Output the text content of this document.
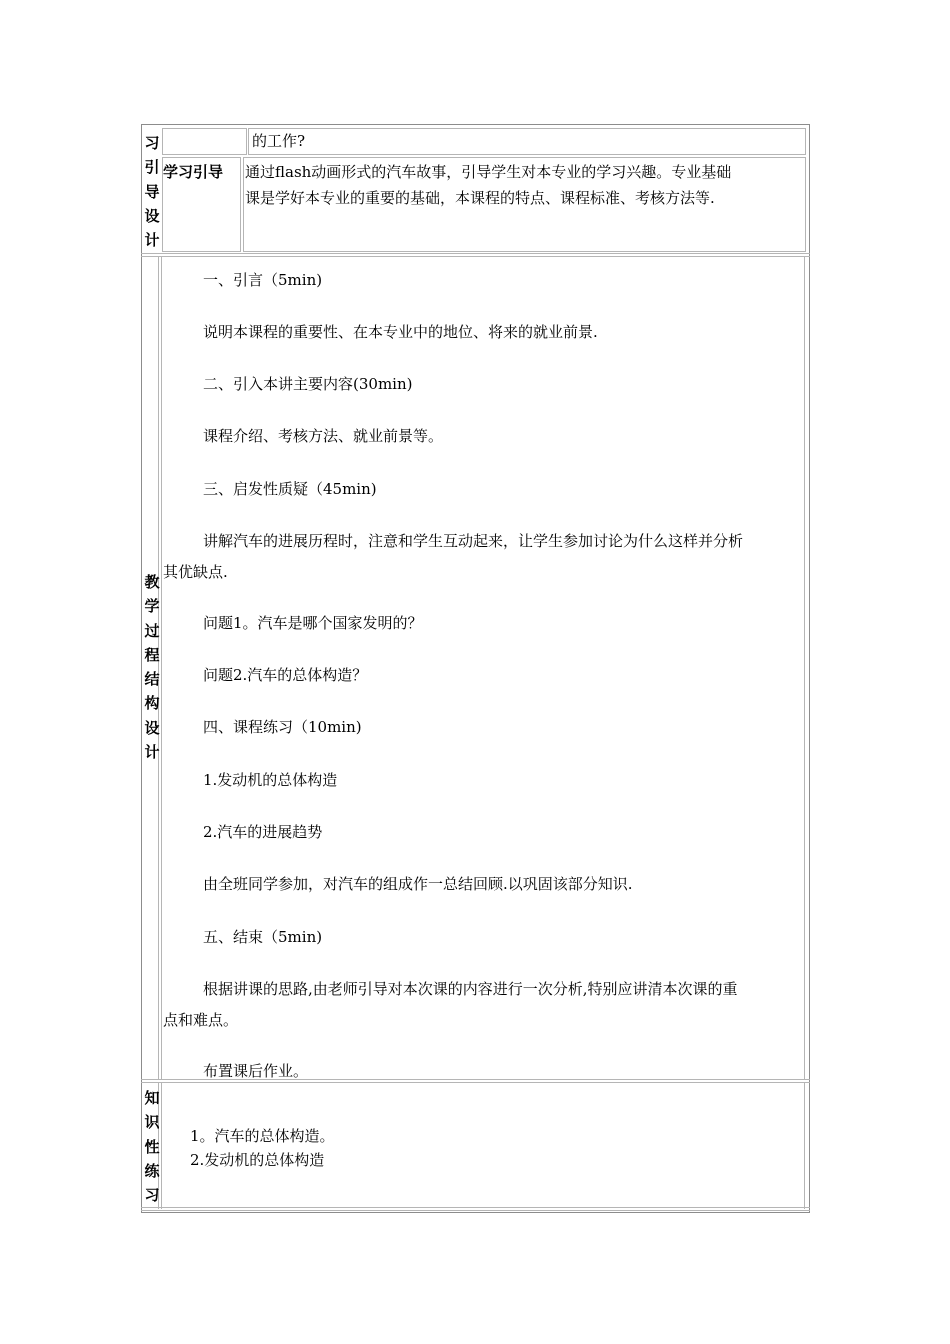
习
引
导
设
计
的工作?
学习引导 通过flash动画形式的汽车故事，引导学生对本专业的学习兴趣。专业基础
课是学好本专业的重要的基础，本课程的特点、课程标准、考核方法等.
教
学
过
程
结
构
设
计
一、引言（5min)
说明本课程的重要性、在本专业中的地位、将来的就业前景.
二、引入本讲主要内容(30min)
课程介绍、考核方法、就业前景等。
三、启发性质疑（45min)
讲解汽车的进展历程时，注意和学生互动起来，让学生参加讨论为什么这样并分析
其优缺点.
问题1。汽车是哪个国家发明的？
问题2.汽车的总体构造？
四、课程练习（10min)
1.发动机的总体构造
2.汽车的进展趋势
由全班同学参加，对汽车的组成作一总结回顾.以巩固该部分知识.
五、结束（5min)
根据讲课的思路,由老师引导对本次课的内容进行一次分析,特别应讲清本次课的重
点和难点。
布置课后作业。
知
识
性
练
习
1。汽车的总体构造。
2.发动机的总体构造
